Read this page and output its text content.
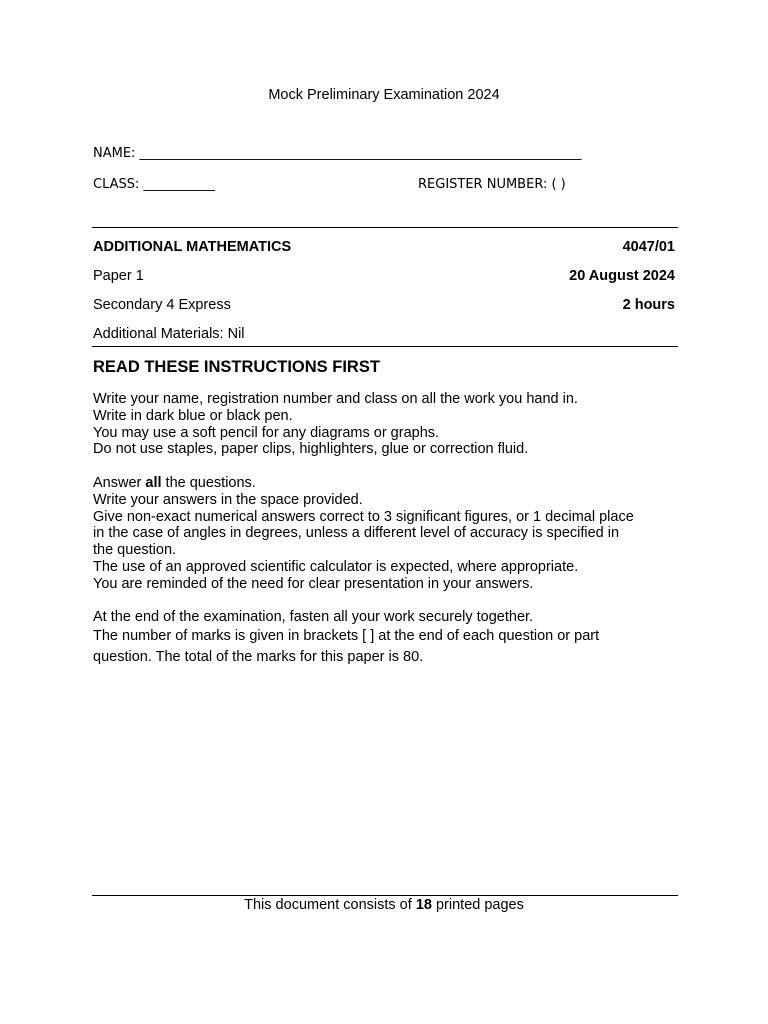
Mock Preliminary Examination 2024
NAME: ____________________________________________________________________
CLASS: ___________	REGISTER NUMBER: ( )
ADDITIONAL MATHEMATICS	4047/01
Paper 1	20 August 2024
Secondary 4 Express	2 hours
Additional Materials: Nil
READ THESE INSTRUCTIONS FIRST
Write your name, registration number and class on all the work you hand in.
Write in dark blue or black pen.
You may use a soft pencil for any diagrams or graphs.
Do not use staples, paper clips, highlighters, glue or correction fluid.
Answer all the questions.
Write your answers in the space provided.
Give non-exact numerical answers correct to 3 significant figures, or 1 decimal place
in the case of angles in degrees, unless a different level of accuracy is specified in
the question.
The use of an approved scientific calculator is expected, where appropriate.
You are reminded of the need for clear presentation in your answers.
At the end of the examination, fasten all your work securely together.
The number of marks is given in brackets [ ] at the end of each question or part
question. The total of the marks for this paper is 80.
This document consists of 18 printed pages
